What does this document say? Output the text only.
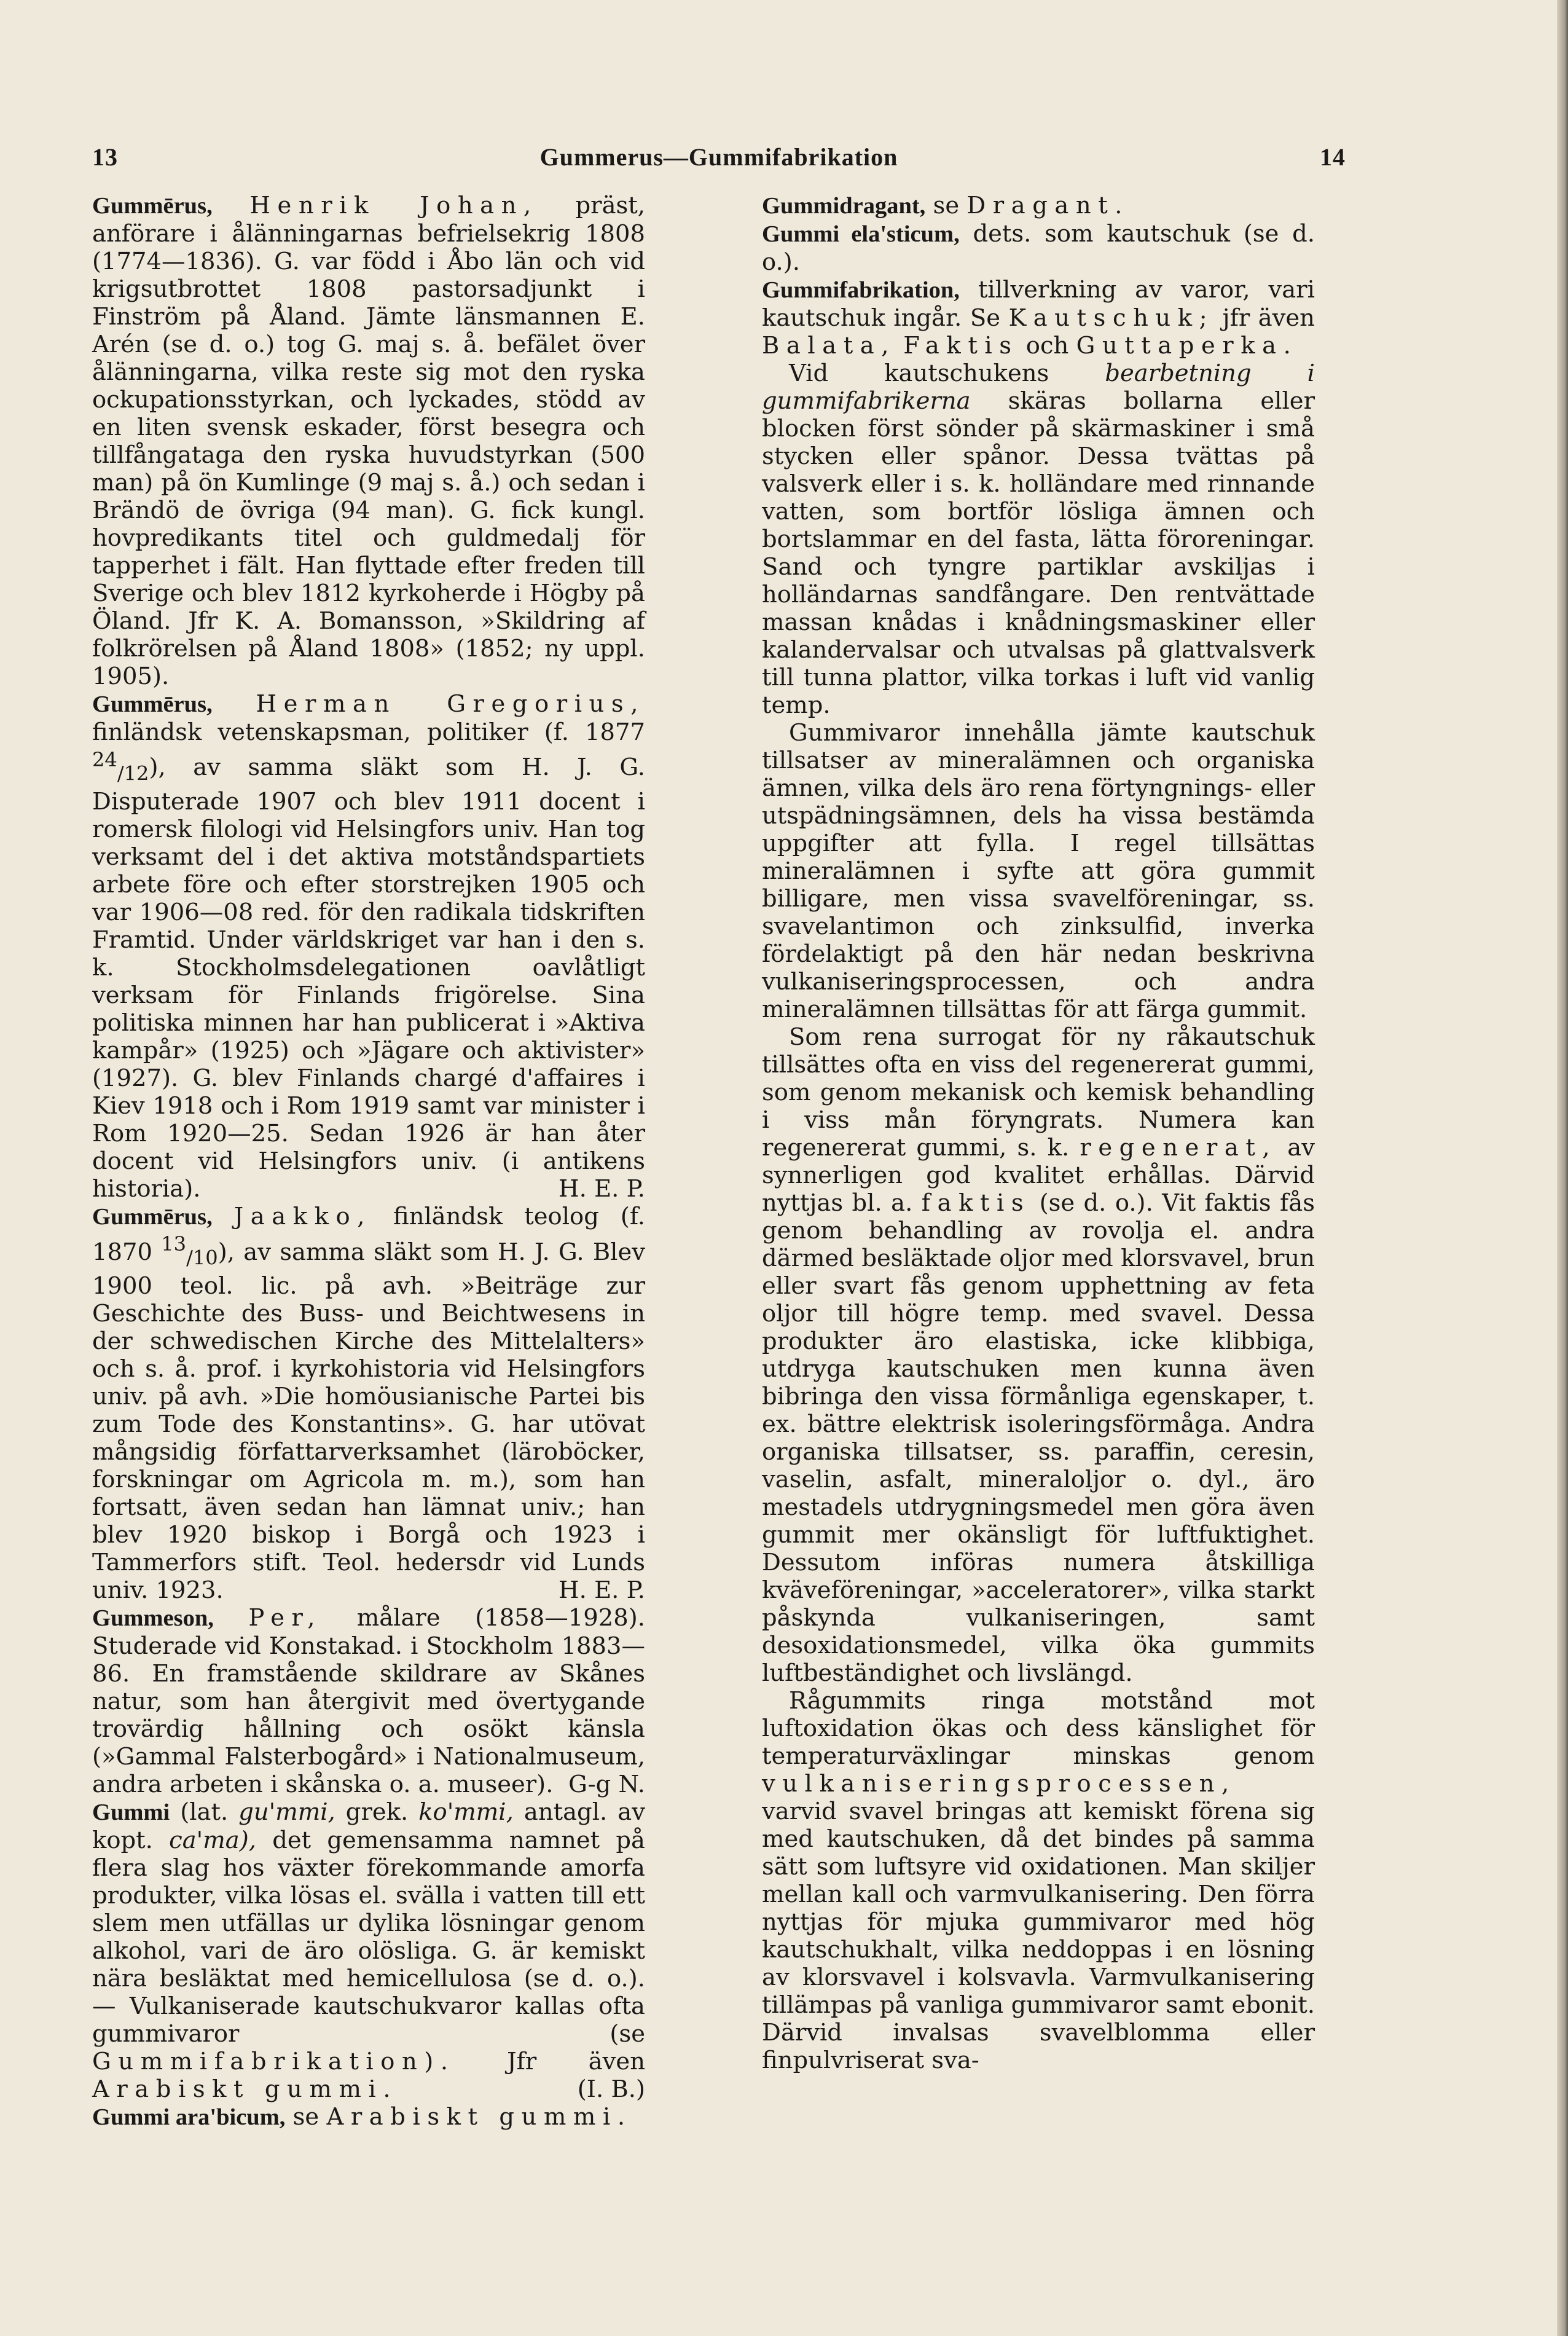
13	Gummerus—Gummifabrikation	14

Gummērus, Henrik Johan, präst, anförare i ålänningarnas befrielsekrig 1808 (1774—1836). G. var född i Åbo län och vid krigsutbrottet 1808 pastorsadjunkt i Finström på Åland. Jämte länsmannen E. Arén (se d. o.) tog G. maj s. å. befälet över ålänningarna, vilka reste sig mot den ryska ockupationsstyrkan, och lyckades, stödd av en liten svensk eskader, först besegra och tillfångataga den ryska huvudstyrkan (500 man) på ön Kumlinge (9 maj s. å.) och sedan i Brändö de övriga (94 man). G. fick kungl. hovpredikants titel och guldmedalj för tapperhet i fält. Han flyttade efter freden till Sverige och blev 1812 kyrkoherde i Högby på Öland. Jfr K. A. Bomansson, »Skildring af folkrörelsen på Åland 1808» (1852; ny uppl. 1905).

Gummērus, Herman Gregorius, finländsk vetenskapsman, politiker (f. 1877 $^{24}_{/12}$), av samma släkt som H. J. G. Disputerade 1907 och blev 1911 docent i romersk filologi vid Helsingfors univ. Han tog verksamt del i det aktiva motståndspartiets arbete före och efter storstrejken 1905 och var 1906—08 red. för den radikala tidskriften Framtid. Under världskriget var han i den s. k. Stockholmsdelegationen oavlåtligt verksam för Finlands frigörelse. Sina politiska minnen har han publicerat i »Aktiva kampår» (1925) och »Jägare och aktivister» (1927). G. blev Finlands chargé d'affaires i Kiev 1918 och i Rom 1919 samt var minister i Rom 1920—25. Sedan 1926 är han åter docent vid Helsingfors univ. (i antikens historia).	H. E. P.

Gummērus, Jaakko, finländsk teolog (f. 1870 $^{13}_{/10}$), av samma släkt som H. J. G. Blev 1900 teol. lic. på avh. »Beiträge zur Geschichte des Buss- und Beichtwesens in der schwedischen Kirche des Mittelalters» och s. å. prof. i kyrkohistoria vid Helsingfors univ. på avh. »Die homöusianische Partei bis zum Tode des Konstantins». G. har utövat mångsidig författarverksamhet (läroböcker, forskningar om Agricola m. m.), som han fortsatt, även sedan han lämnat univ.; han blev 1920 biskop i Borgå och 1923 i Tammerfors stift. Teol. hedersdr vid Lunds univ. 1923.	H. E. P.

Gummeson, Per, målare (1858—1928). Studerade vid Konstakad. i Stockholm 1883—86. En framstående skildrare av Skånes natur, som han återgivit med övertygande trovärdig hållning och osökt känsla (»Gammal Falsterbogård» i Nationalmuseum, andra arbeten i skånska o. a. museer). G-g N.

Gummi (lat. gu'mmi, grek. ko'mmi, antagl. av kopt. ca'ma), det gemensamma namnet på flera slag hos växter förekommande amorfa produkter, vilka lösas el. svälla i vatten till ett slem men utfällas ur dylika lösningar genom alkohol, vari de äro olösliga. G. är kemiskt nära besläktat med hemicellulosa (se d. o.). — Vulkaniserade kautschukvaror kallas ofta gummivaror (se Gummifabrikation). Jfr även Arabiskt gummi.	(I. B.)

Gummi ara'bicum, se Arabiskt gummi.

Gummidragant, se Dragant.

Gummi ela'sticum, dets. som kautschuk (se d. o.).

Gummifabrikation, tillverkning av varor, vari kautschuk ingår. Se Kautschuk; jfr även Balata, Faktis och Guttaperka.

Vid kautschukens bearbetning i gummifabrikerna skäras bollarna eller blocken först sönder på skärmaskiner i små stycken eller spånor. Dessa tvättas på valsverk eller i s. k. holländare med rinnande vatten, som bortför lösliga ämnen och bortslammar en del fasta, lätta föroreningar. Sand och tyngre partiklar avskiljas i holländarnas sandfångare. Den rentvättade massan knådas i knådningsmaskiner eller kalandervalsar och utvalsas på glattvalsverk till tunna plattor, vilka torkas i luft vid vanlig temp.

Gummivaror innehålla jämte kautschuk tillsatser av mineralämnen och organiska ämnen, vilka dels äro rena förtyngnings- eller utspädningsämnen, dels ha vissa bestämda uppgifter att fylla. I regel tillsättas mineralämnen i syfte att göra gummit billigare, men vissa svavelföreningar, ss. svavelantimon och zinksulfid, inverka fördelaktigt på den här nedan beskrivna vulkaniseringsprocessen, och andra mineralämnen tillsättas för att färga gummit.

Som rena surrogat för ny råkautschuk tillsättes ofta en viss del regenererat gummi, som genom mekanisk och kemisk behandling i viss mån föryngrats. Numera kan regenererat gummi, s. k. regenerat, av synnerligen god kvalitet erhållas. Därvid nyttjas bl. a. faktis (se d. o.). Vit faktis fås genom behandling av rovolja el. andra därmed besläktade oljor med klorsvavel, brun eller svart fås genom upphettning av feta oljor till högre temp. med svavel. Dessa produkter äro elastiska, icke klibbiga, utdryga kautschuken men kunna även bibringa den vissa förmånliga egenskaper, t. ex. bättre elektrisk isoleringsförmåga. Andra organiska tillsatser, ss. paraffin, ceresin, vaselin, asfalt, mineraloljor o. dyl., äro mestadels utdrygningsmedel men göra även gummit mer okänsligt för luftfuktighet. Dessutom införas numera åtskilliga kväveföreningar, »acceleratorer», vilka starkt påskynda vulkaniseringen, samt desoxidationsmedel, vilka öka gummits luftbeständighet och livslängd.

Rågummits ringa motstånd mot luftoxidation ökas och dess känslighet för temperaturväxlingar minskas genom vulkaniseringsprocessen, varvid svavel bringas att kemiskt förena sig med kautschuken, då det bindes på samma sätt som luftsyre vid oxidationen. Man skiljer mellan kall och varmvulkanisering. Den förra nyttjas för mjuka gummivaror med hög kautschukhalt, vilka neddoppas i en lösning av klorsvavel i kolsvavla. Varmvulkanisering tillämpas på vanliga gummivaror samt ebonit. Därvid invalsas svavelblomma eller finpulvriserat sva-
